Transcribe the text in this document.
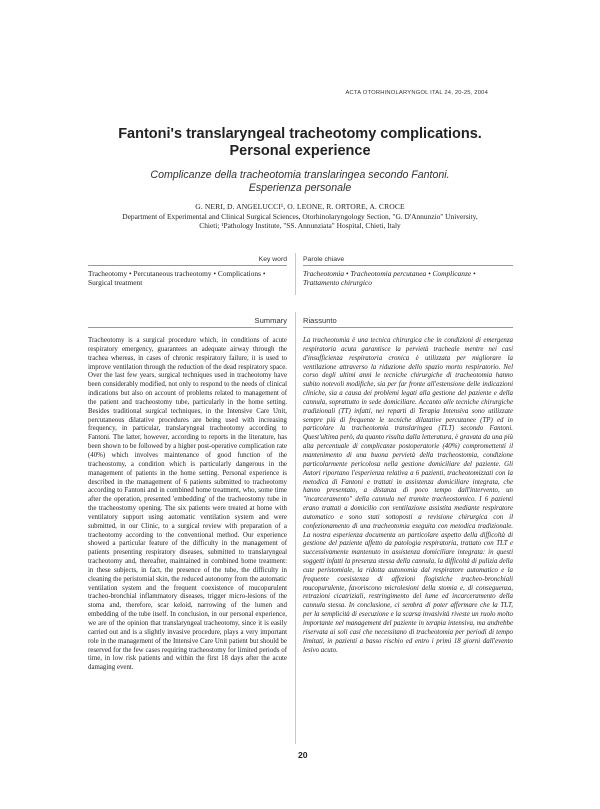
ACTA OTORHINOLARYNGOL ITAL 24, 20-25, 2004
Fantoni's translaryngeal tracheotomy complications.
Personal experience
Complicanze della tracheotomia translaringea secondo Fantoni.
Esperienza personale
G. NERI, D. ANGELUCCI¹, O. LEONE, R. ORTORE, A. CROCE
Department of Experimental and Clinical Surgical Sciences, Otorhinolaryngology Section, "G. D'Annunzio" University,
Chieti; ¹Pathology Institute, "SS. Annunziata" Hospital, Chieti, Italy
Key word
Tracheotomy • Percutaneous tracheotomy • Complications • Surgical treatment
Parole chiave
Tracheotomia • Tracheotomia percutanea • Complicanze • Trattamento chirurgico
Summary Riassunto
Tracheotomy is a surgical procedure which, in conditions of acute respiratory emergency, guarantees an adequate airway through the trachea whereas, in cases of chronic respiratory failure, it is used to improve ventilation through the reduction of the dead respiratory space. Over the last few years, surgical techniques used in tracheotomy have been considerably modified, not only to respond to the needs of clinical indications but also on account of problems related to management of the patient and tracheostomy tube, particularly in the home setting. Besides traditional surgical techniques, in the Intensive Care Unit, percutaneous dilatative procedures are being used with increasing frequency, in particular, translaryngeal tracheotomy according to Fantoni. The latter, however, according to reports in the literature, has been shown to be followed by a higher post-operative complication rate (40%) which involves maintenance of good function of the tracheostomy, a condition which is particularly dangerous in the management of patients in the home setting. Personal experience is described in the management of 6 patients submitted to tracheotomy according to Fantoni and in combined home treatment, who, some time after the operation, presented 'embedding' of the tracheostomy tube in the tracheostomy opening. The six patients were treated at home with ventilatory support using automatic ventilation system and were submitted, in our Clinic, to a surgical review with preparation of a tracheotomy according to the conventional method. Our experience showed a particular feature of the difficulty in the management of patients presenting respiratory diseases, submitted to translaryngeal tracheotomy and, thereafter, maintained in combined home treatment: in these subjects, in fact, the presence of the tube, the difficulty in cleaning the peristomial skin, the reduced autonomy from the automatic ventilation system and the frequent coexistence of mucopurulent tracheo-bronchial inflammatory diseases, trigger micro-lesions of the stoma and, therefore, scar keloid, narrowing of the lumen and embedding of the tube itself. In conclusion, in our personal experience, we are of the opinion that translaryngeal tracheotomy, since it is easily carried out and is a slightly invasive procedure, plays a very important role in the management of the Intensive Care Unit patient but should be reserved for the few cases requiring tracheostomy for limited periods of time, in low risk patients and within the first 18 days after the acute damaging event.
La tracheotomia è una tecnica chirurgica che in condizioni di emergenza respiratoria acuta garantisce la pervietà tracheale mentre nei casi d'insufficienza respiratoria cronica è utilizzata per migliorare la ventilazione attraverso la riduzione dello spazio morto respiratorio. Nel corso degli ultimi anni le tecniche chirurgiche di tracheotomia hanno subito notevoli modifiche, sia per far fronte all'estensione delle indicazioni cliniche, sia a causa dei problemi legati alla gestione del paziente e della cannula, soprattutto in sede domiciliare. Accanto alle tecniche chirurgiche tradizionali (TT) infatti, nei reparti di Terapia Intensiva sono utilizzate sempre più di frequente le tecniche dilatative percutanee (TP) ed in particolare la tracheotomia translaringea (TLT) secondo Fantoni. Quest'ultima però, da quanto risulta dalla letteratura, è gravata da una più alta percentuale di complicanze postoperatorie (40%) compromettenti il mantenimento di una buona pervietà della tracheostomia, condizione particolarmente pericolosa nella gestione domiciliare del paziente. Gli Autori riportano l'esperienza relativa a 6 pazienti, tracheotomizzati con la metodica di Fantoni e trattati in assistenza domiciliare integrata, che hanno presentato, a distanza di poco tempo dall'intervento, un "incarceramento" della cannula nel tramite tracheostomico. I 6 pazienti erano trattati a domicilio con ventilazione assistita mediante respiratore automatico e sono stati sottoposti a revisione chirurgica con il confezionamento di una tracheotomia eseguita con metodica tradizionale. La nostra esperienza documenta un particolare aspetto della difficoltà di gestione del paziente affetto da patologia respiratoria, trattato con TLT e successivamente mantenuto in assistenza domiciliare integrata: in questi soggetti infatti la presenza stessa della cannula, la difficoltà di pulizia della cute peristomiale, la ridotta autonomia dal respiratore automatico e la frequente coesistenza di affezioni flogistiche tracheo-bronchiali mucopurulente, favoriscono microlesioni della stomia e, di conseguenza, retrazioni cicatriziali, restringimento del lume ed incarceramento della cannula stessa. In conclusione, ci sembra di poter affermare che la TLT, per la semplicità di esecuzione e la scarsa invasività riveste un ruolo molto importante nel management del paziente in terapia intensiva, ma andrebbe riservata ai soli casi che necessitano di tracheotomia per periodi di tempo limitati, in pazienti a basso rischio ed entro i primi 18 giorni dall'evento lesivo acuto.
20
